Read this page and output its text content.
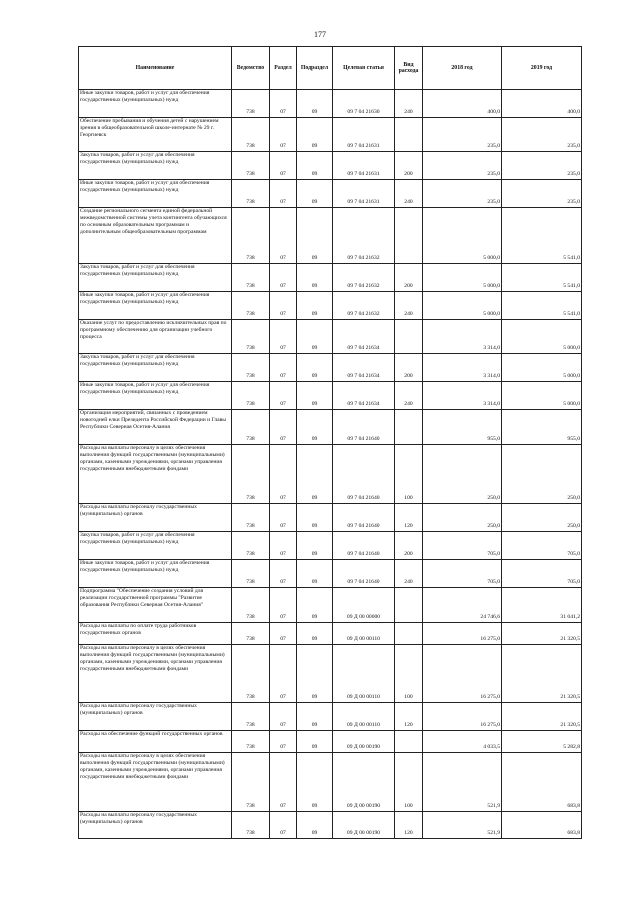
177
Наименование	Ведомство	Раздел	Подраздел	Целевая статья	Вид расхода	2018 год	2019 год
Иные закупки товаров, работ и услуг для обеспечения государственных (муниципальных) нужд	738	07	09	09 7 04 21630	240	400,0	400,0
Обеспечение пребывания и обучения детей с нарушением зрения в общеобразовательной школе-интернате № 29 г. Георгиевск	738	07	09	09 7 04 21631		235,0	235,0
Закупка товаров, работ и услуг для обеспечения государственных (муниципальных) нужд	738	07	09	09 7 04 21631	200	235,0	235,0
Иные закупки товаров, работ и услуг для обеспечения государственных (муниципальных) нужд	738	07	09	09 7 04 21631	240	235,0	235,0
Создание регионального сегмента единой федеральной межведомственной системы учета контингента обучающихся по основным образовательным программам и дополнительным общеобразовательным программам	738	07	09	09 7 04 21632		5 000,0	5 541,0
Закупка товаров, работ и услуг для обеспечения государственных (муниципальных) нужд	738	07	09	09 7 04 21632	200	5 000,0	5 541,0
Иные закупки товаров, работ и услуг для обеспечения государственных (муниципальных) нужд	738	07	09	09 7 04 21632	240	5 000,0	5 541,0
Оказание услуг по предоставлению исключительных прав по программному обеспечению для организации учебного процесса	738	07	09	09 7 04 21634		3 314,0	5 000,0
Закупка товаров, работ и услуг для обеспечения государственных (муниципальных) нужд	738	07	09	09 7 04 21634	200	3 314,0	5 000,0
Иные закупки товаров, работ и услуг для обеспечения государственных (муниципальных) нужд	738	07	09	09 7 04 21634	240	3 314,0	5 000,0
Организация мероприятий, связанных с проведением новогодней елки Президента Российской Федерации и Главы Республики Северная Осетия-Алания	738	07	09	09 7 04 21640		955,0	955,0
Расходы на выплаты персоналу в целях обеспечения выполнения функций государственными (муниципальными) органами, казенными учреждениями, органами управления государственными внебюджетными фондами	738	07	09	09 7 04 21640	100	250,0	250,0
Расходы на выплаты персоналу государственных (муниципальных) органов	738	07	09	09 7 04 21640	120	250,0	250,0
Закупка товаров, работ и услуг для обеспечения государственных (муниципальных) нужд	738	07	09	09 7 04 21640	200	705,0	705,0
Иные закупки товаров, работ и услуг для обеспечения государственных (муниципальных) нужд	738	07	09	09 7 04 21640	240	705,0	705,0
Подпрограмма "Обеспечение создания условий для реализации государственной программы "Развитие образования Республики Северная Осетия-Алания"	738	07	09	09 Д 00 00000		24 746,6	31 041,2
Расходы на выплаты по оплате труда работников государственных органов	738	07	09	09 Д 00 00110		16 275,0	21 320,5
Расходы на выплаты персоналу в целях обеспечения выполнения функций государственными (муниципальными) органами, казенными учреждениями, органами управления государственными внебюджетными фондами	738	07	09	09 Д 00 00110	100	16 275,0	21 320,5
Расходы на выплаты персоналу государственных (муниципальных) органов	738	07	09	09 Д 00 00110	120	16 275,0	21 320,5
Расходы на обеспечение функций государственных органов	738	07	09	09 Д 00 00190		4 033,5	5 282,8
Расходы на выплаты персоналу в целях обеспечения выполнения функций государственными (муниципальными) органами, казенными учреждениями, органами управления государственными внебюджетными фондами	738	07	09	09 Д 00 00190	100	521,9	683,8
Расходы на выплаты персоналу государственных (муниципальных) органов	738	07	09	09 Д 00 00190	120	521,9	683,8
